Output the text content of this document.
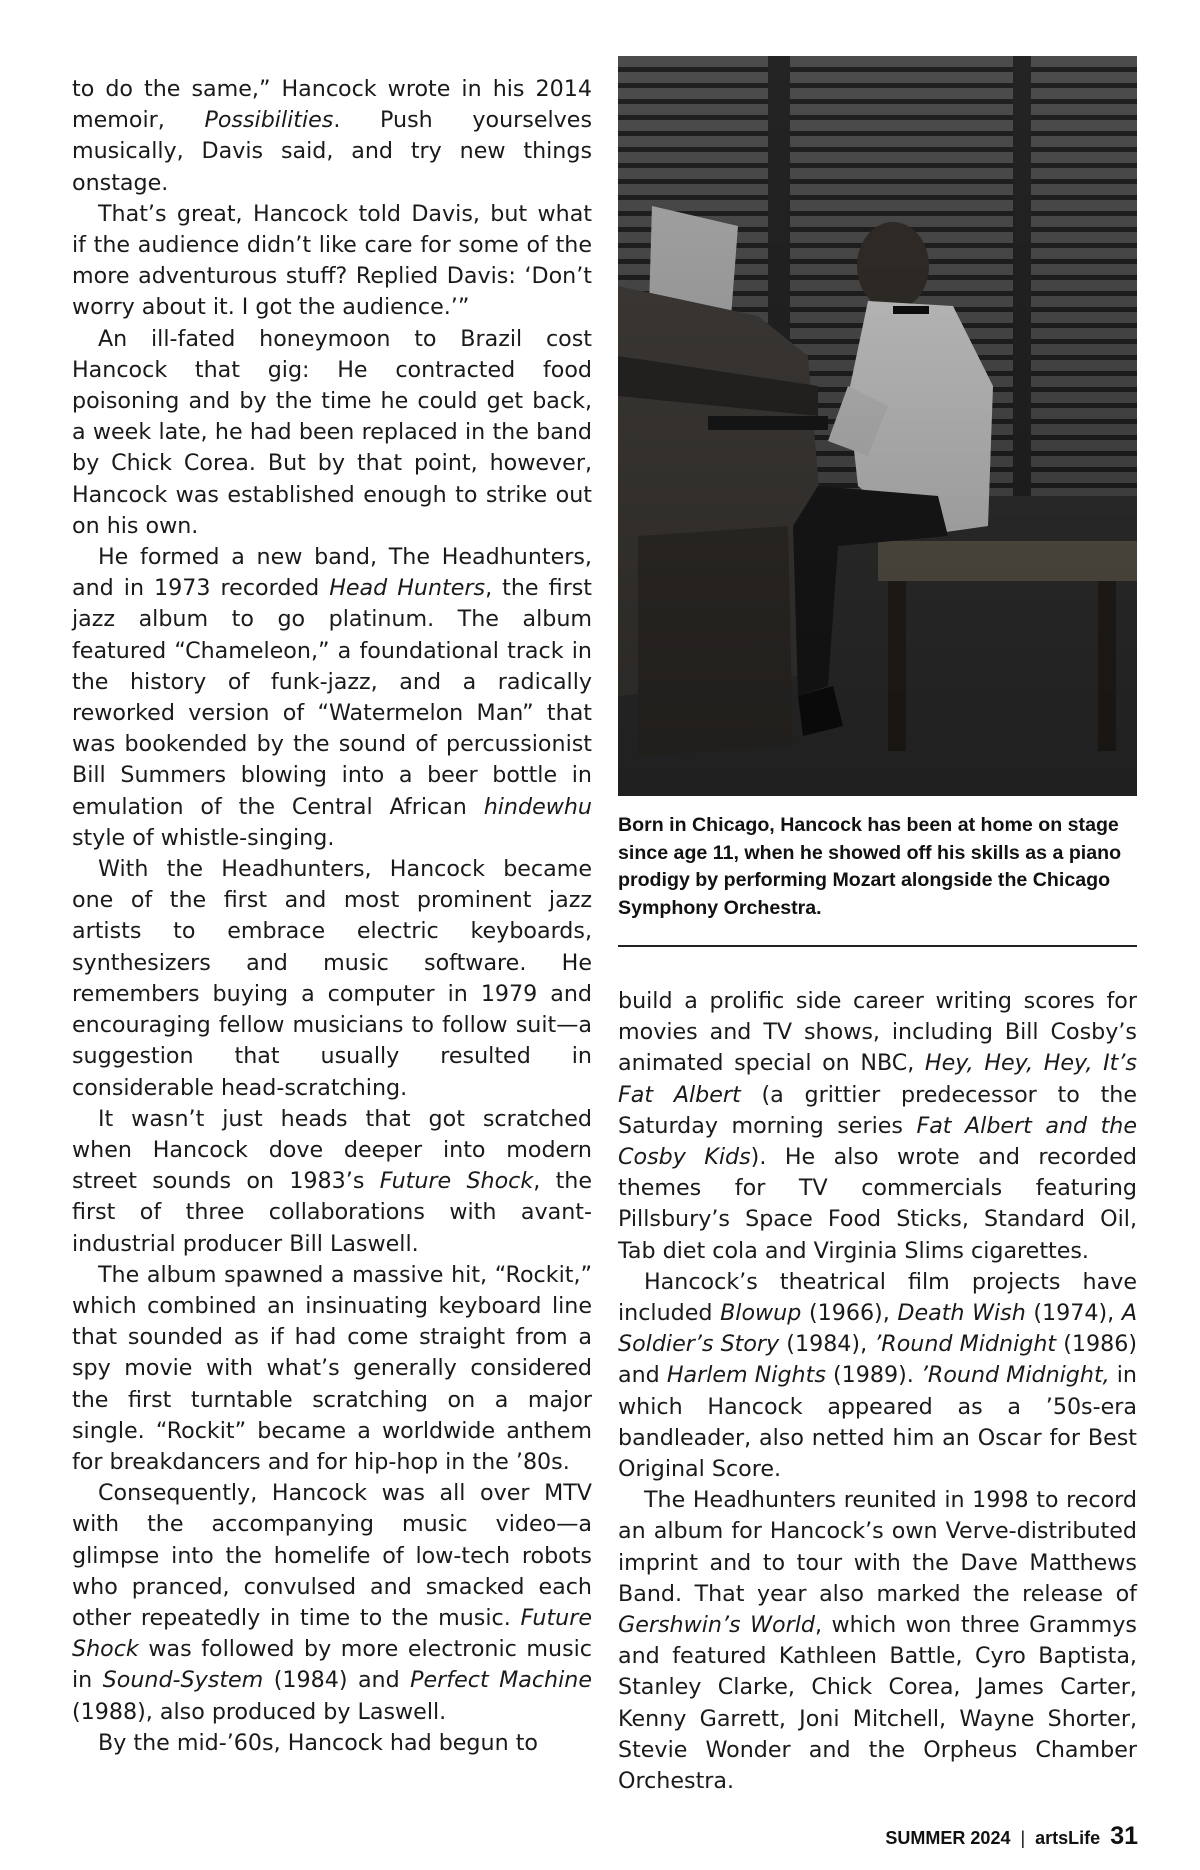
to do the same,” Hancock wrote in his 2014 memoir, Possibilities. Push yourselves musically, Davis said, and try new things onstage.

That’s great, Hancock told Davis, but what if the audience didn’t like care for some of the more adventurous stuff? Replied Davis: ‘Don’t worry about it. I got the audience.’”

An ill-fated honeymoon to Brazil cost Hancock that gig: He contracted food poisoning and by the time he could get back, a week late, he had been replaced in the band by Chick Corea. But by that point, however, Hancock was established enough to strike out on his own.

He formed a new band, The Headhunters, and in 1973 recorded Head Hunters, the first jazz album to go platinum. The album featured “Chameleon,” a foundational track in the history of funk-jazz, and a radically reworked version of “Watermelon Man” that was bookended by the sound of percussionist Bill Summers blowing into a beer bottle in emulation of the Central African hindewhu style of whistle-singing.

With the Headhunters, Hancock became one of the first and most prominent jazz artists to embrace electric keyboards, synthesizers and music software. He remembers buying a computer in 1979 and encouraging fellow musicians to follow suit—a suggestion that usually resulted in considerable head-scratching.

It wasn’t just heads that got scratched when Hancock dove deeper into modern street sounds on 1983’s Future Shock, the first of three collaborations with avant-industrial producer Bill Laswell.

The album spawned a massive hit, “Rockit,” which combined an insinuating keyboard line that sounded as if had come straight from a spy movie with what’s generally considered the first turntable scratching on a major single. “Rockit” became a worldwide anthem for breakdancers and for hip-hop in the ’80s.

Consequently, Hancock was all over MTV with the accompanying music video—a glimpse into the homelife of low-tech robots who pranced, convulsed and smacked each other repeatedly in time to the music. Future Shock was followed by more electronic music in Sound-System (1984) and Perfect Machine (1988), also produced by Laswell.

By the mid-’60s, Hancock had begun to

Born in Chicago, Hancock has been at home on stage since age 11, when he showed off his skills as a piano prodigy by performing Mozart alongside the Chicago Symphony Orchestra.

build a prolific side career writing scores for movies and TV shows, including Bill Cosby’s animated special on NBC, Hey, Hey, Hey, It’s Fat Albert (a grittier predecessor to the Saturday morning series Fat Albert and the Cosby Kids). He also wrote and recorded themes for TV commercials featuring Pillsbury’s Space Food Sticks, Standard Oil, Tab diet cola and Virginia Slims cigarettes.

Hancock’s theatrical film projects have included Blowup (1966), Death Wish (1974), A Soldier’s Story (1984), ’Round Midnight (1986) and Harlem Nights (1989). ’Round Midnight, in which Hancock appeared as a ’50s-era bandleader, also netted him an Oscar for Best Original Score.

The Headhunters reunited in 1998 to record an album for Hancock’s own Verve-distributed imprint and to tour with the Dave Matthews Band. That year also marked the release of Gershwin’s World, which won three Grammys and featured Kathleen Battle, Cyro Baptista, Stanley Clarke, Chick Corea, James Carter, Kenny Garrett, Joni Mitchell, Wayne Shorter, Stevie Wonder and the Orpheus Chamber Orchestra.

SUMMER 2024 | artsLife 31
